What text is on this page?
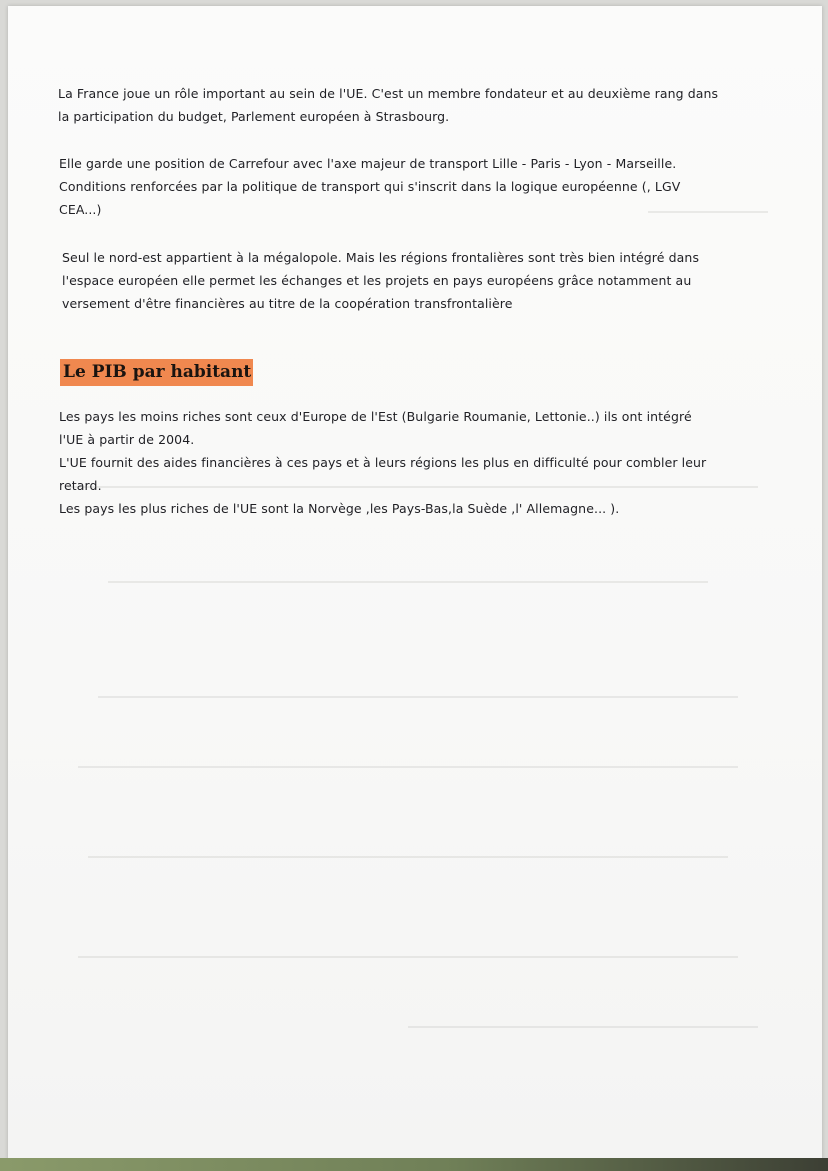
La France joue un rôle important au sein de l'UE. C'est un membre fondateur et au deuxième rang dans

la participation du budget, Parlement européen à Strasbourg.

Elle garde une position de Carrefour avec l'axe majeur de transport Lille - Paris - Lyon - Marseille.

Conditions renforcées par la politique de transport qui s'inscrit dans la logique européenne (, LGV

CEA...)

Seul le nord-est appartient à la mégalopole. Mais les régions frontalières sont très bien intégré dans

l'espace européen elle permet les échanges et les projets en pays européens grâce notamment au

versement d'être financières au titre de la coopération transfrontalière

Le PIB par habitant

Les pays les moins riches sont ceux d'Europe de l'Est (Bulgarie Roumanie, Lettonie..) ils ont intégré

l'UE à partir de 2004.

L'UE fournit des aides financières à ces pays et à leurs régions les plus en difficulté pour combler leur

retard.

Les pays les plus riches de l'UE sont la Norvège ,les Pays-Bas,la Suède ,l' Allemagne... ).
